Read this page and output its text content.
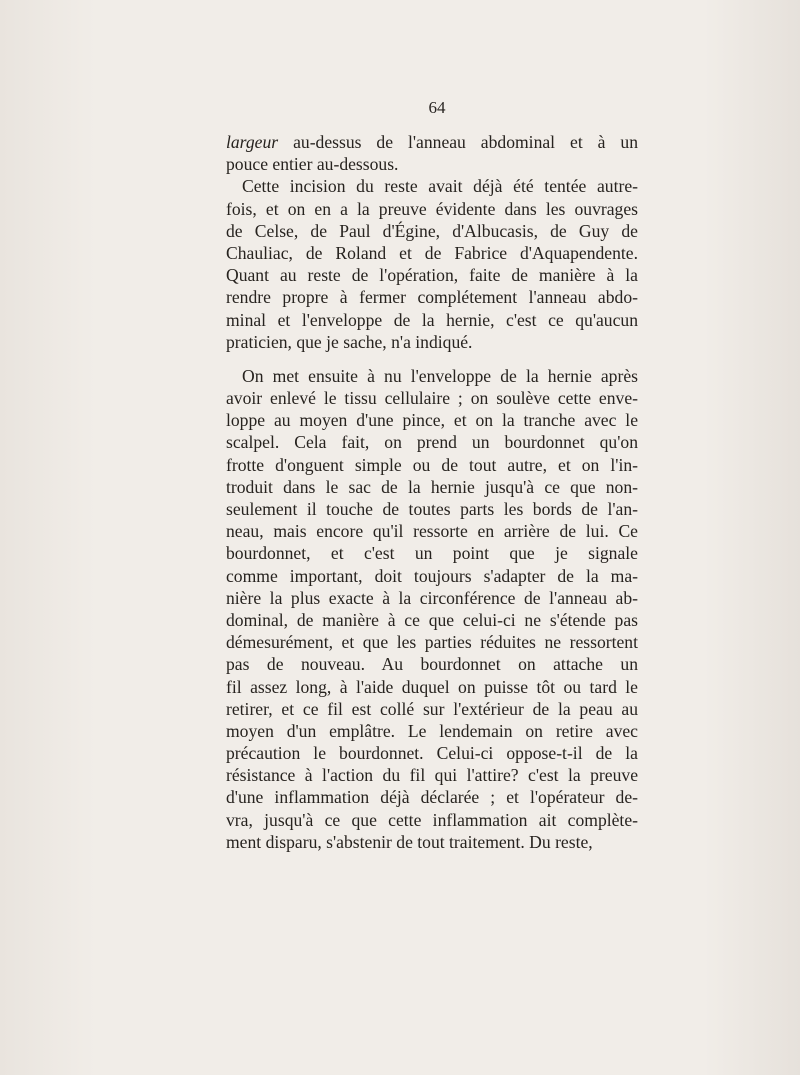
64
largeur au-dessus de l'anneau abdominal et à un
pouce entier au-dessous.
Cette incision du reste avait déjà été tentée autre-
fois, et on en a la preuve évidente dans les ouvrages
de Celse, de Paul d'Égine, d'Albucasis, de Guy de
Chauliac, de Roland et de Fabrice d'Aquapendente.
Quant au reste de l'opération, faite de manière à la
rendre propre à fermer complétement l'anneau abdo-
minal et l'enveloppe de la hernie, c'est ce qu'aucun
praticien, que je sache, n'a indiqué.
On met ensuite à nu l'enveloppe de la hernie après
avoir enlevé le tissu cellulaire ; on soulève cette enve-
loppe au moyen d'une pince, et on la tranche avec le
scalpel. Cela fait, on prend un bourdonnet qu'on
frotte d'onguent simple ou de tout autre, et on l'in-
troduit dans le sac de la hernie jusqu'à ce que non-
seulement il touche de toutes parts les bords de l'an-
neau, mais encore qu'il ressorte en arrière de lui. Ce
bourdonnet, et c'est un point que je signale
comme important, doit toujours s'adapter de la ma-
nière la plus exacte à la circonférence de l'anneau ab-
dominal, de manière à ce que celui-ci ne s'étende pas
démesurément, et que les parties réduites ne ressortent
pas de nouveau. Au bourdonnet on attache un
fil assez long, à l'aide duquel on puisse tôt ou tard le
retirer, et ce fil est collé sur l'extérieur de la peau au
moyen d'un emplâtre. Le lendemain on retire avec
précaution le bourdonnet. Celui-ci oppose-t-il de la
résistance à l'action du fil qui l'attire? c'est la preuve
d'une inflammation déjà déclarée ; et l'opérateur de-
vra, jusqu'à ce que cette inflammation ait complète-
ment disparu, s'abstenir de tout traitement. Du reste,
